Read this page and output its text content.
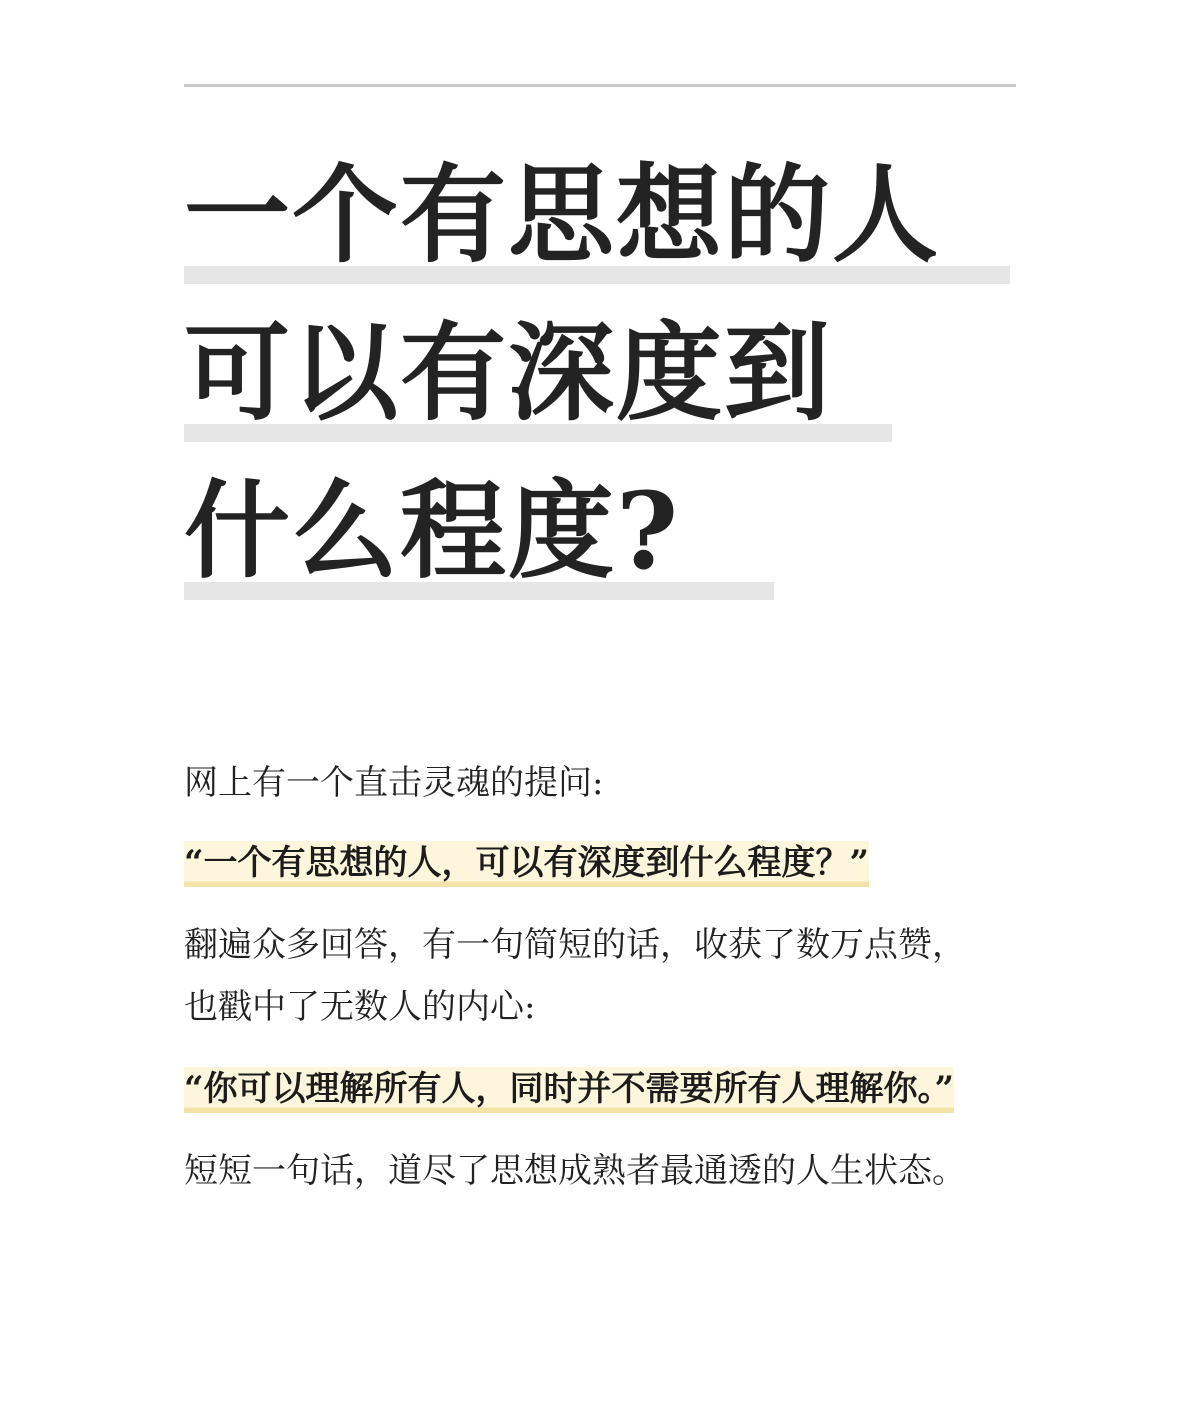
一个有思想的人
可以有深度到
什么程度?

网上有一个直击灵魂的提问:

“一个有思想的人，可以有深度到什么程度？”

翻遍众多回答，有一句简短的话，收获了数万点赞，也戳中了无数人的内心:

“你可以理解所有人，同时并不需要所有人理解你。”

短短一句话，道尽了思想成熟者最通透的人生状态。
